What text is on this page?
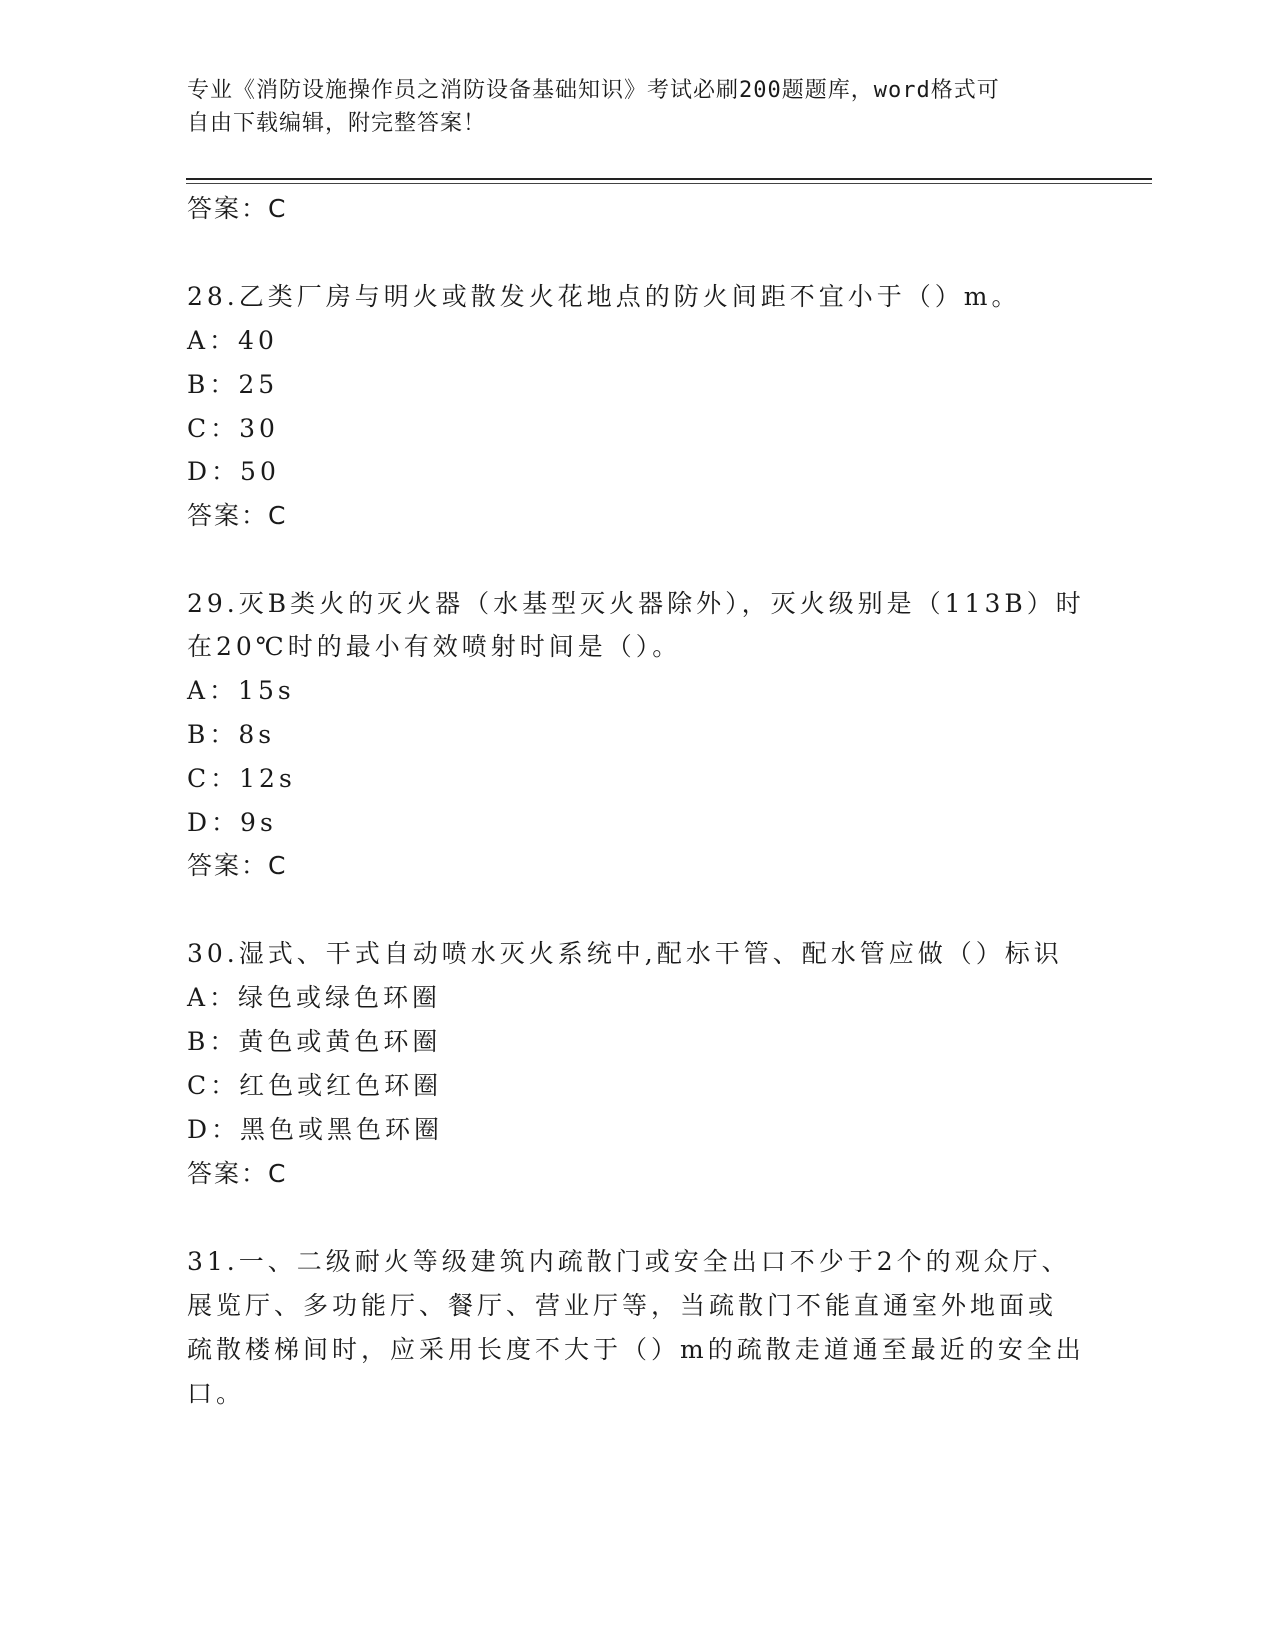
专业《消防设施操作员之消防设备基础知识》考试必刷200题题库，word格式可
自由下载编辑，附完整答案！
答案：C
28.乙类厂房与明火或散发火花地点的防火间距不宜小于（）m。
A：40
B：25
C：30
D：50
答案：C
29.灭B类火的灭火器（水基型灭火器除外），灭火级别是（113B）时
在20℃时的最小有效喷射时间是（）。
A：15s
B：8s
C：12s
D：9s
答案：C
30.湿式、干式自动喷水灭火系统中,配水干管、配水管应做（）标识
A：绿色或绿色环圈
B：黄色或黄色环圈
C：红色或红色环圈
D：黑色或黑色环圈
答案：C
31.一、二级耐火等级建筑内疏散门或安全出口不少于2个的观众厅、
展览厅、多功能厅、餐厅、营业厅等，当疏散门不能直通室外地面或
疏散楼梯间时，应采用长度不大于（）m的疏散走道通至最近的安全出
口。
